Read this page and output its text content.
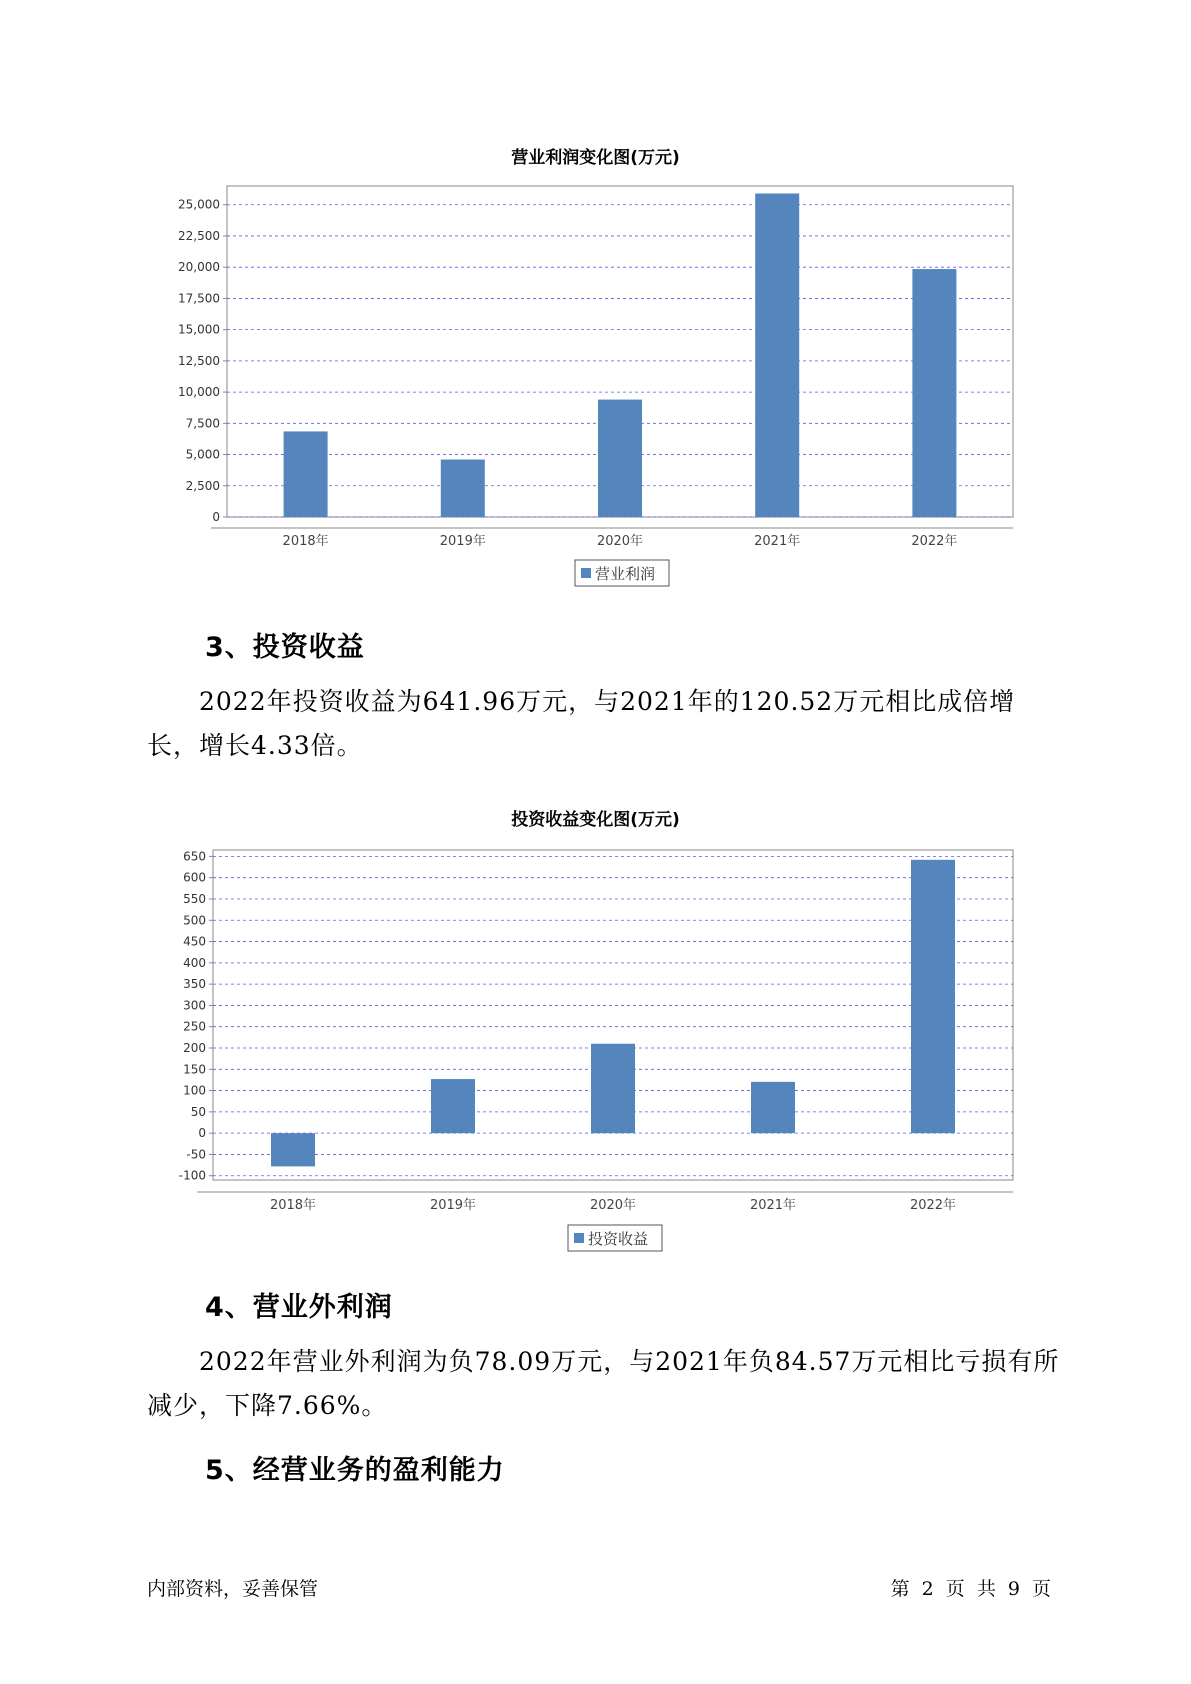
营业利润变化图(万元)
0
2,500
5,000
7,500
10,000
12,500
15,000
17,500
20,000
22,500
25,000
2018年	2019年	2020年	2021年	2022年
营业利润
3、投资收益

2022年投资收益为641.96万元，与2021年的120.52万元相比成倍增长，增长4.33倍。

投资收益变化图(万元)
-100
-50
0
50
100
150
200
250
300
350
400
450
500
550
600
650
2018年	2019年	2020年	2021年	2022年
投资收益
4、营业外利润

2022年营业外利润为负78.09万元，与2021年负84.57万元相比亏损有所减少，下降7.66%。

5、经营业务的盈利能力
内部资料，妥善保管	第 2 页 共 9 页
